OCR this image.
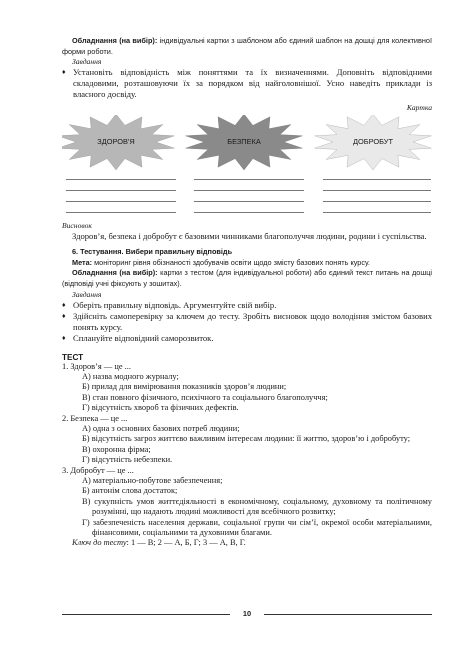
Обладнання (на вибір): індивідуальні картки з шаблоном або єдиний шаблон на дошці для колективної форми роботи.

Завдання

♦ Установіть відповідність між поняттями та їх визначеннями. Доповніть відповідними складовими, розташовуючи їх за порядком від найголовнішої. Усно наведіть приклади із власного досвіду.

Картка
ЗДОРОВ'Я	БЕЗПЕКА	ДОБРОБУТ
Висновок

Здоров’я, безпека і добробут є базовими чинниками благополуччя людини, родини і суспільства.

6. Тестування. Вибери правильну відповідь

Мета: моніторинг рівня обізнаності здобувачів освіти щодо змісту базових понять курсу.

Обладнання (на вибір): картки з тестом (для індивідуальної роботи) або єдиний текст питань на дошці (відповіді учні фіксують у зошитах).

Завдання

♦ Оберіть правильну відповідь. Аргументуйте свій вибір.

♦ Здійсніть самоперевірку за ключем до тесту. Зробіть висновок щодо володіння змістом базових понять курсу.

♦ Сплануйте відповідний саморозвиток.

ТЕСТ

1. Здоров’я — це ...

А) назва модного журналу;

Б) прилад для вимірювання показників здоров’я людини;

В) стан повного фізичного, психічного та соціального благополуччя;

Г) відсутність хвороб та фізичних дефектів.

2. Безпека — це ...

А) одна з основних базових потреб людини;

Б) відсутність загроз життєво важливим інтересам людини: її життю, здоров’ю і добробуту;

В) охоронна фірма;

Г) відсутність небезпеки.

3. Добробут — це ...

А) матеріально-побутове забезпечення;

Б) антонім слова достаток;

В) сукупність умов життєдіяльності в економічному, соціальному, духовному та політичному розумінні, що надають людині можливості для всебічного розвитку;

Г) забезпеченість населення держави, соціальної групи чи сім’ї, окремої особи матеріальними, фінансовими, соціальними та духовними благами.

Ключ до тесту: 1 — В; 2 — А, Б, Г; 3 — А, В, Г.

10
